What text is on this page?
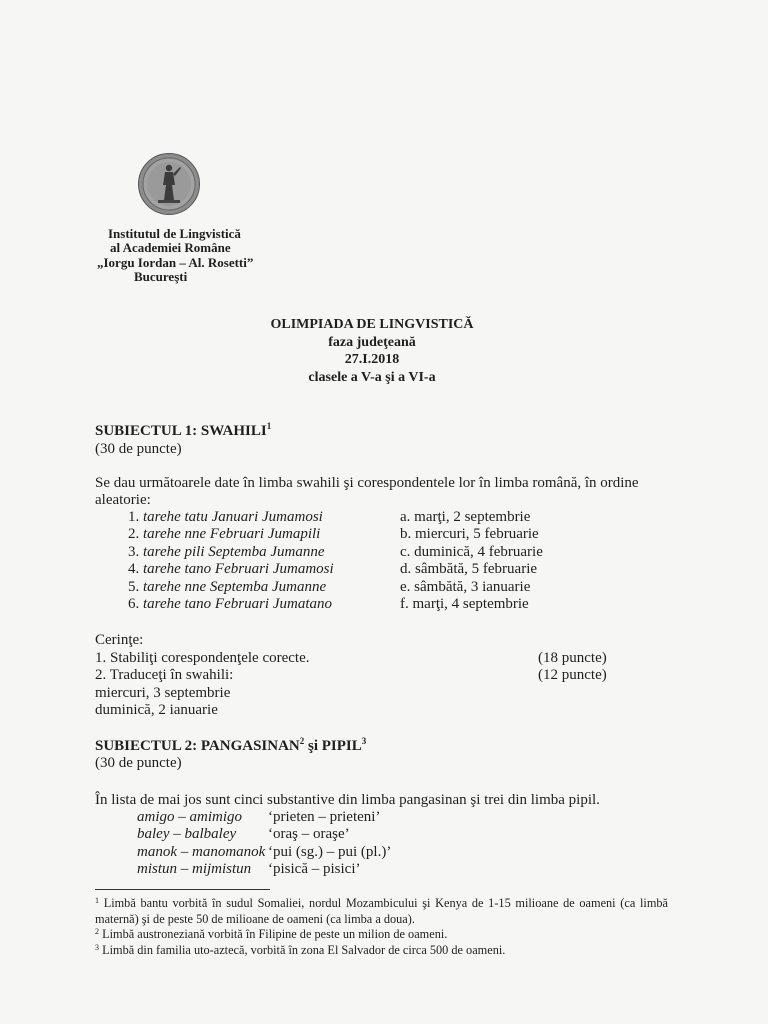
Institutul de Lingvistică
al Academiei Române
„Iorgu Iordan – Al. Rosetti”
Bucureşti
OLIMPIADA DE LINGVISTICĂ
faza judeţeană
27.I.2018
clasele a V-a şi a VI-a
SUBIECTUL 1: SWAHILI$^1$
(30 de puncte)
Se dau următoarele date în limba swahili şi corespondentele lor în limba română, în ordine aleatorie:
1. tarehe tatu Januari Jumamosi
2. tarehe nne Februari Jumapili
3. tarehe pili Septemba Jumanne
4. tarehe tano Februari Jumamosi
5. tarehe nne Septemba Jumanne
6. tarehe tano Februari Jumatano
a. marţi, 2 septembrie
b. miercuri, 5 februarie
c. duminică, 4 februarie
d. sâmbătă, 5 februarie
e. sâmbătă, 3 ianuarie
f. marţi, 4 septembrie
Cerinţe:
1. Stabiliţi corespondenţele corecte.
2. Traduceţi în swahili:
miercuri, 3 septembrie
duminică, 2 ianuarie
(18 puncte)
(12 puncte)
SUBIECTUL 2: PANGASINAN$^2$ şi PIPIL$^3$
(30 de puncte)
În lista de mai jos sunt cinci substantive din limba pangasinan şi trei din limba pipil.
amigo – amimigo
baley – balbaley
manok – manomanok
mistun – mijmistun
‘prieten – prieteni’
‘oraş – oraşe’
‘pui (sg.) – pui (pl.)’
‘pisică – pisici’

$^1$ Limbă bantu vorbită în sudul Somaliei, nordul Mozambicului şi Kenya de 1-15 milioane de oameni (ca limbă maternă) şi de peste 50 de milioane de oameni (ca limba a doua).

$^2$ Limbă austroneziană vorbită în Filipine de peste un milion de oameni.

$^3$ Limbă din familia uto-aztecă, vorbită în zona El Salvador de circa 500 de oameni.
